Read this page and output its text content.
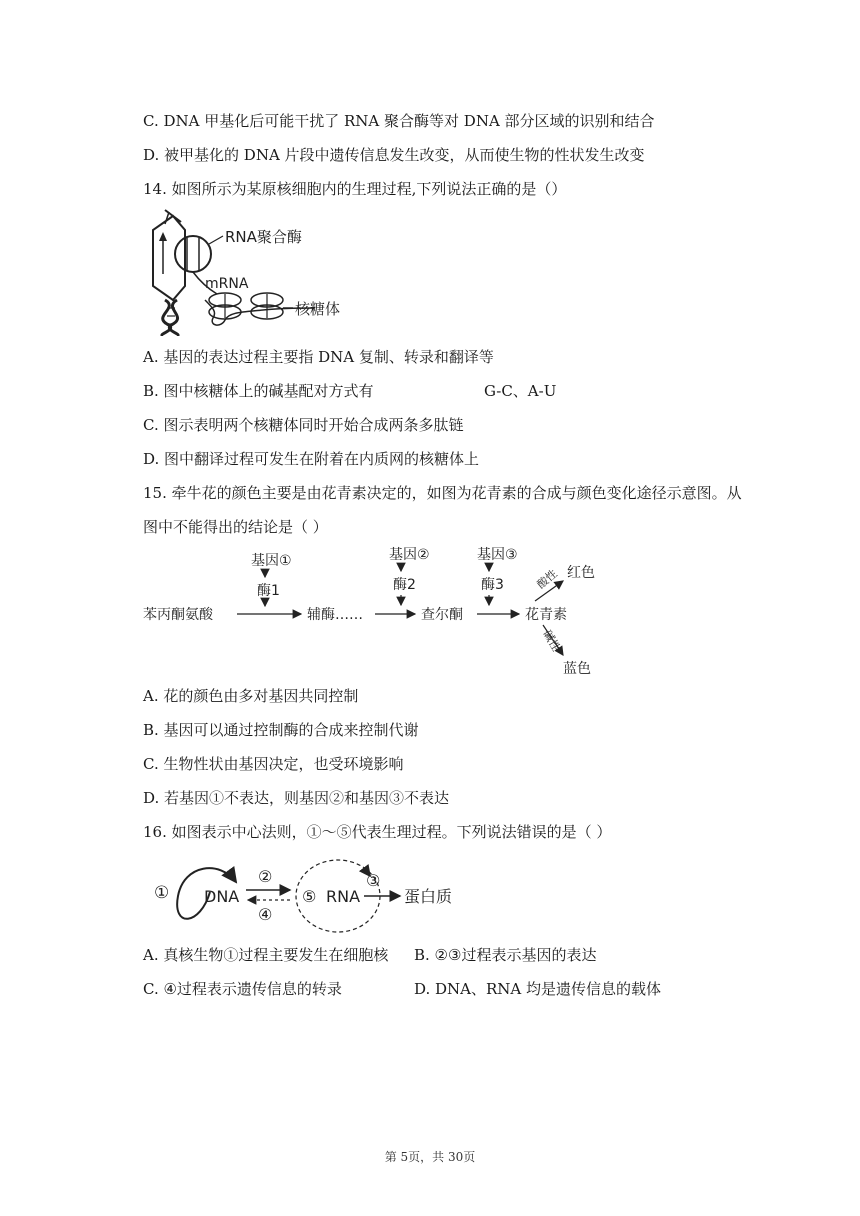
C. DNA 甲基化后可能干扰了 RNA 聚合酶等对 DNA 部分区域的识别和结合
D. 被甲基化的 DNA 片段中遗传信息发生改变，从而使生物的性状发生改变
14. 如图所示为某原核细胞内的生理过程,下列说法正确的是（）
RNA聚合酶
mRNA
核糖体
A. 基因的表达过程主要指 DNA 复制、转录和翻译等
B. 图中核糖体上的碱基配对方式有	G-C、A-U
C. 图示表明两个核糖体同时开始合成两条多肽链
D. 图中翻译过程可发生在附着在内质网的核糖体上
15. 牵牛花的颜色主要是由花青素决定的，如图为花青素的合成与颜色变化途径示意图。从
图中不能得出的结论是（ ）
基因①
酶1
基因②
酶2
基因③
酶3
苯丙酮氨酸	辅酶……	查尔酮	花青素
酸性 红色
碱性
蓝色
A. 花的颜色由多对基因共同控制
B. 基因可以通过控制酶的合成来控制代谢
C. 生物性状由基因决定，也受环境影响
D. 若基因①不表达，则基因②和基因③不表达
16. 如图表示中心法则，①～⑤代表生理过程。下列说法错误的是（ ）
① DNA
②
④
⑤ RNA
③
蛋白质
A. 真核生物①过程主要发生在细胞核 B. ②③过程表示基因的表达
C. ④过程表示遗传信息的转录	D. DNA、RNA 均是遗传信息的载体
第 5页，共 30页
